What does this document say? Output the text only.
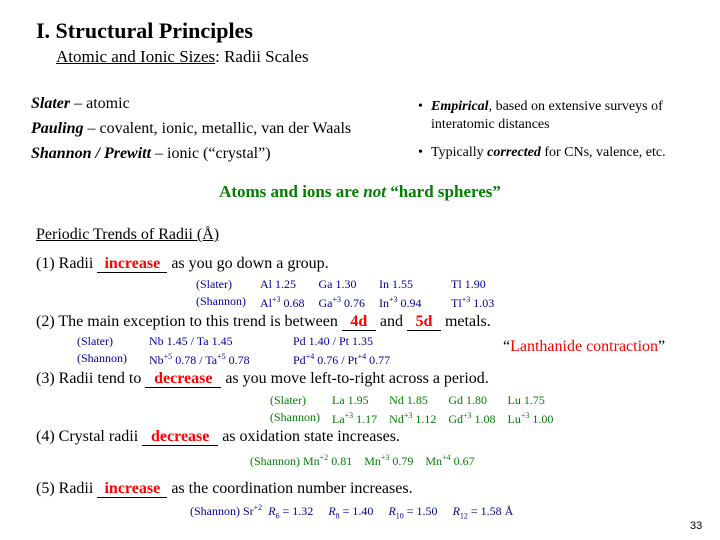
I. Structural Principles
Atomic and Ionic Sizes: Radii Scales
Slater – atomic
Pauling – covalent, ionic, metallic, van der Waals
Shannon / Prewitt – ionic (“crystal”)
• Empirical, based on extensive surveys of interatomic distances
• Typically corrected for CNs, valence, etc.
Atoms and ions are not “hard spheres”
Periodic Trends of Radii (Å)
(1) Radii increase as you go down a group.
(Slater)	Al 1.25	Ga 1.30	In 1.55	Tl 1.90
(Shannon)	$Al^{+3}$ 0.68	$Ga^{+3}$ 0.76	$In^{+3}$ 0.94	$Tl^{+3}$ 1.03
(2) The main exception to this trend is between 4d and 5d metals.
(Slater)	Nb 1.45 / Ta 1.45	Pd 1.40 / Pt 1.35
(Shannon)	$Nb^{+5}$ $0.78 / Ta^{+5}$ 0.78	$Pd^{+4}$ $0.76 / Pt^{+4}$ 0.77
“Lanthanide contraction”
(3) Radii tend to decrease as you move left-to-right across a period.
(Slater)	La 1.95	Nd 1.85	Gd 1.80	Lu 1.75
(Shannon)	$La^{+3}$ 1.17	$Nd^{+3}$ 1.12	$Gd^{+3}$ 1.08	$Lu^{+3}$ 1.00
(4) Crystal radii decrease as oxidation state increases.
(Shannon) $Mn^{+2}$ 0.81 $Mn^{+3}$ 0.79 $Mn^{+4}$ 0.67
(5) Radii increase as the coordination number increases.
(Shannon) $Sr^{+2}$ $R_6 = 1.32$ $R_8 = 1.40$ $R_{10} = 1.50$ $R_{12} = 1.58$ Å
33
